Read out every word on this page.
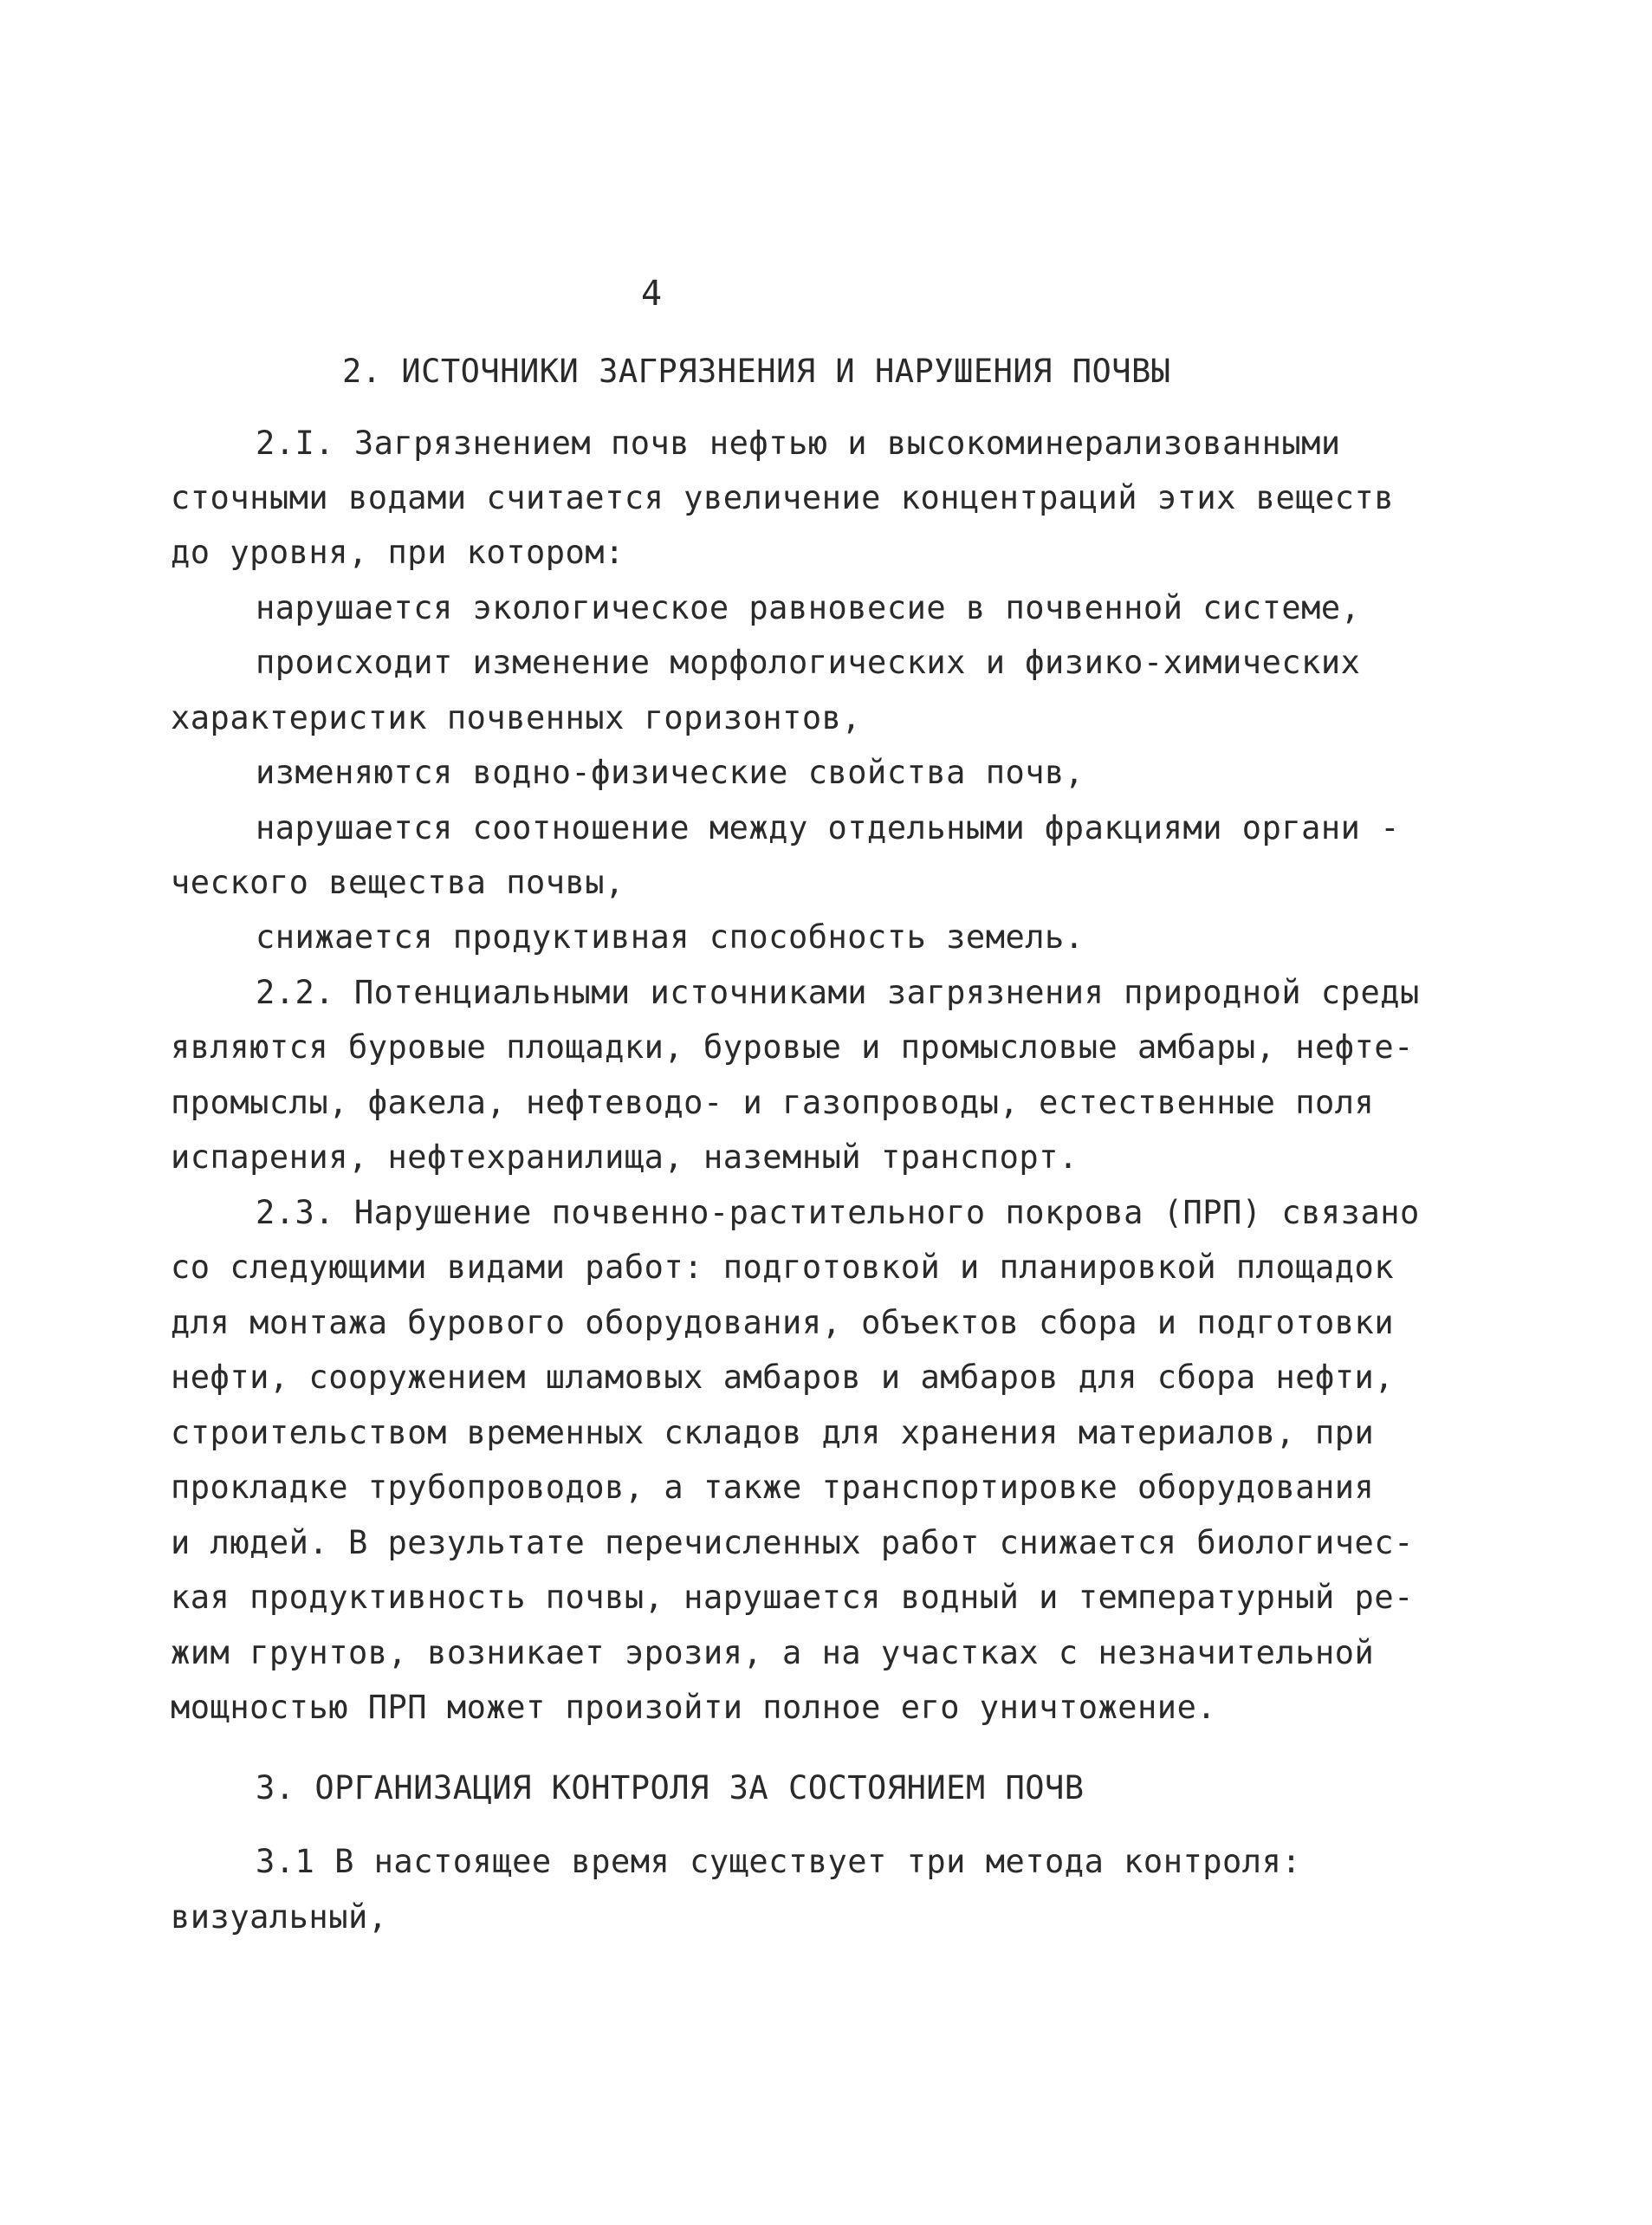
4
2. ИСТОЧНИКИ ЗАГРЯЗНЕНИЯ И НАРУШЕНИЯ ПОЧВЫ
2.I. Загрязнением почв нефтью и высокоминерализованными
сточными водами считается увеличение концентраций этих веществ
до уровня, при котором:
нарушается экологическое равновесие в почвенной системе,
происходит изменение морфологических и физико-химических
характеристик почвенных горизонтов,
изменяются водно-физические свойства почв,
нарушается соотношение между отдельными фракциями органи -
ческого вещества почвы,
снижается продуктивная способность земель.
2.2. Потенциальными источниками загрязнения природной среды
являются буровые площадки, буровые и промысловые амбары, нефте-
промыслы, факела, нефтеводо- и газопроводы, естественные поля
испарения, нефтехранилища, наземный транспорт.
2.3. Нарушение почвенно-растительного покрова (ПРП) связано
со следующими видами работ: подготовкой и планировкой площадок
для монтажа бурового оборудования, объектов сбора и подготовки
нефти, сооружением шламовых амбаров и амбаров для сбора нефти,
строительством временных складов для хранения материалов, при
прокладке трубопроводов, а также транспортировке оборудования
и людей. В результате перечисленных работ снижается биологичес-
кая продуктивность почвы, нарушается водный и температурный ре-
жим грунтов, возникает эрозия, а на участках с незначительной
мощностью ПРП может произойти полное его уничтожение.
3. ОРГАНИЗАЦИЯ КОНТРОЛЯ ЗА СОСТОЯНИЕМ ПОЧВ
3.1 В настоящее время существует три метода контроля:
визуальный,
